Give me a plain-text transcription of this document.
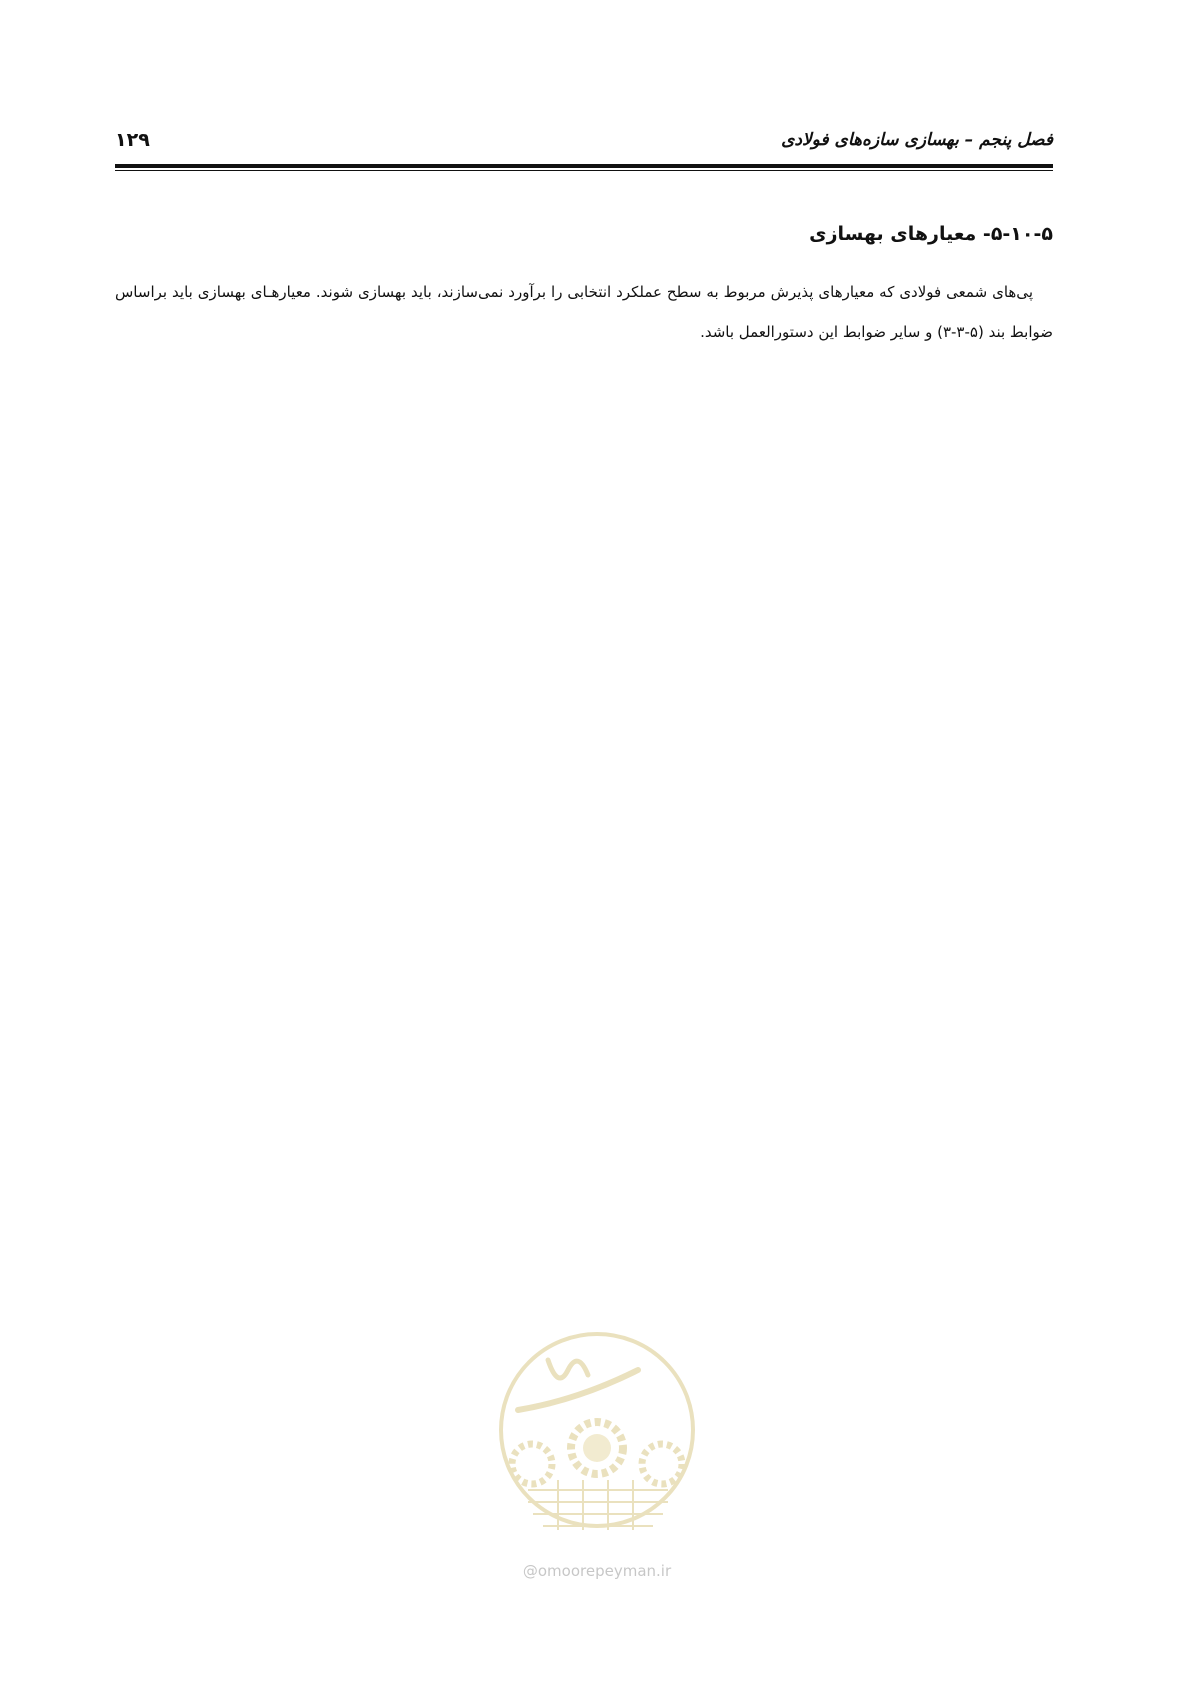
۱۲۹	فصل پنجم – بهسازی سازه‌های فولادی
۵-۱۰-۵- معیارهای بهسازی

پی‌های شمعی فولادی که معیارهای پذیرش مربوط به سطح عملکرد انتخابی را برآورد نمی‌سازند، باید بهسازی شوند. معیارهـای بهسازی باید براساس ضوابط بند (۵-۳-۳) و سایر ضوابط این دستورالعمل باشد.

@omoorepeyman.ir
